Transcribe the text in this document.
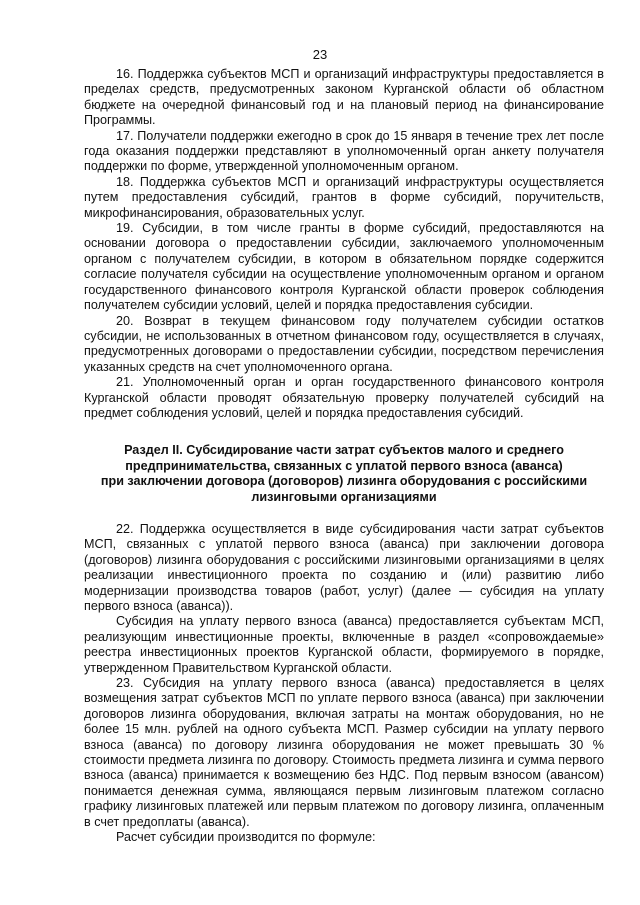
23

16. Поддержка субъектов МСП и организаций инфраструктуры предоставляется в пределах средств, предусмотренных законом Курганской области об областном бюджете на очередной финансовый год и на плановый период на финансирование Программы.

17. Получатели поддержки ежегодно в срок до 15 января в течение трех лет после года оказания поддержки представляют в уполномоченный орган анкету получателя поддержки по форме, утвержденной уполномоченным органом.

18. Поддержка субъектов МСП и организаций инфраструктуры осуществляется путем предоставления субсидий, грантов в форме субсидий, поручительств, микрофинансирования, образовательных услуг.

19. Субсидии, в том числе гранты в форме субсидий, предоставляются на основании договора о предоставлении субсидии, заключаемого уполномоченным органом с получателем субсидии, в котором в обязательном порядке содержится согласие получателя субсидии на осуществление уполномоченным органом и органом государственного финансового контроля Курганской области проверок соблюдения получателем субсидии условий, целей и порядка предоставления субсидии.

20. Возврат в текущем финансовом году получателем субсидии остатков субсидии, не использованных в отчетном финансовом году, осуществляется в случаях, предусмотренных договорами о предоставлении субсидии, посредством перечисления указанных средств на счет уполномоченного органа.

21. Уполномоченный орган и орган государственного финансового контроля Курганской области проводят обязательную проверку получателей субсидий на предмет соблюдения условий, целей и порядка предоставления субсидий.

Раздел II. Субсидирование части затрат субъектов малого и среднего предпринимательства, связанных с уплатой первого взноса (аванса)
при заключении договора (договоров) лизинга оборудования с российскими лизинговыми организациями

22. Поддержка осуществляется в виде субсидирования части затрат субъектов МСП, связанных с уплатой первого взноса (аванса) при заключении договора (договоров) лизинга оборудования с российскими лизинговыми организациями в целях реализации инвестиционного проекта по созданию и (или) развитию либо модернизации производства товаров (работ, услуг) (далее — субсидия на уплату первого взноса (аванса)).

Субсидия на уплату первого взноса (аванса) предоставляется субъектам МСП, реализующим инвестиционные проекты, включенные в раздел «сопровождаемые» реестра инвестиционных проектов Курганской области, формируемого в порядке, утвержденном Правительством Курганской области.

23. Субсидия на уплату первого взноса (аванса) предоставляется в целях возмещения затрат субъектов МСП по уплате первого взноса (аванса) при заключении договоров лизинга оборудования, включая затраты на монтаж оборудования, но не более 15 млн. рублей на одного субъекта МСП. Размер субсидии на уплату первого взноса (аванса) по договору лизинга оборудования не может превышать 30 % стоимости предмета лизинга по договору. Стоимость предмета лизинга и сумма первого взноса (аванса) принимается к возмещению без НДС. Под первым взносом (авансом) понимается денежная сумма, являющаяся первым лизинговым платежом согласно графику лизинговых платежей или первым платежом по договору лизинга, оплаченным в счет предоплаты (аванса).

Расчет субсидии производится по формуле:
